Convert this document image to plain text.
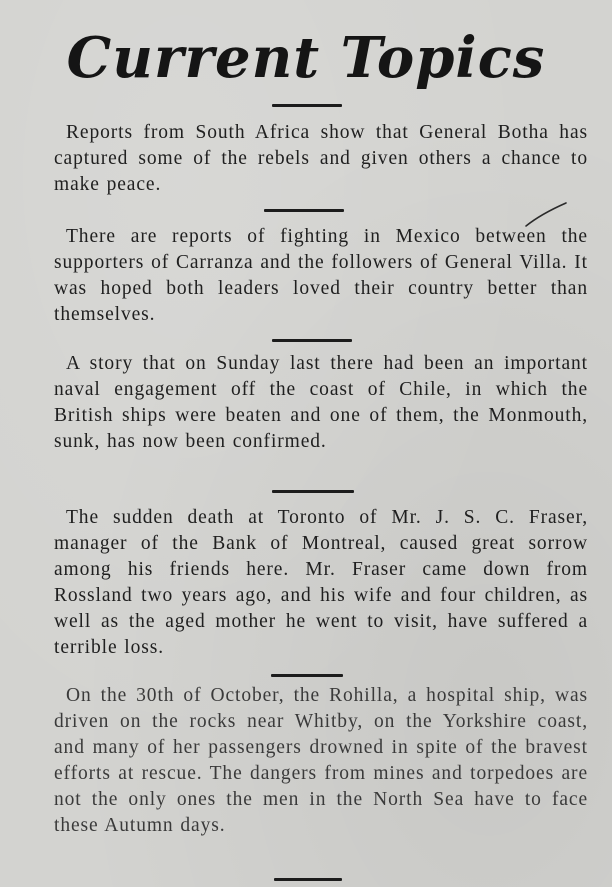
Current Topics

Reports from South Africa show that General Botha has captured some of the rebels and given others a chance to make peace.

There are reports of fighting in Mexico between the supporters of Carranza and the followers of General Villa. It was hoped both leaders loved their country better than themselves.

A story that on Sunday last there had been an important naval engagement off the coast of Chile, in which the British ships were beaten and one of them, the Monmouth, sunk, has now been confirmed.

The sudden death at Toronto of Mr. J. S. C. Fraser, manager of the Bank of Montreal, caused great sorrow among his friends here. Mr. Fraser came down from Rossland two years ago, and his wife and four children, as well as the aged mother he went to visit, have suffered a terrible loss.

On the 30th of October, the Rohilla, a hospital ship, was driven on the rocks near Whitby, on the Yorkshire coast, and many of her passengers drowned in spite of the bravest efforts at rescue. The dangers from mines and torpedoes are not the only ones the men in the North Sea have to face these Autumn days.
